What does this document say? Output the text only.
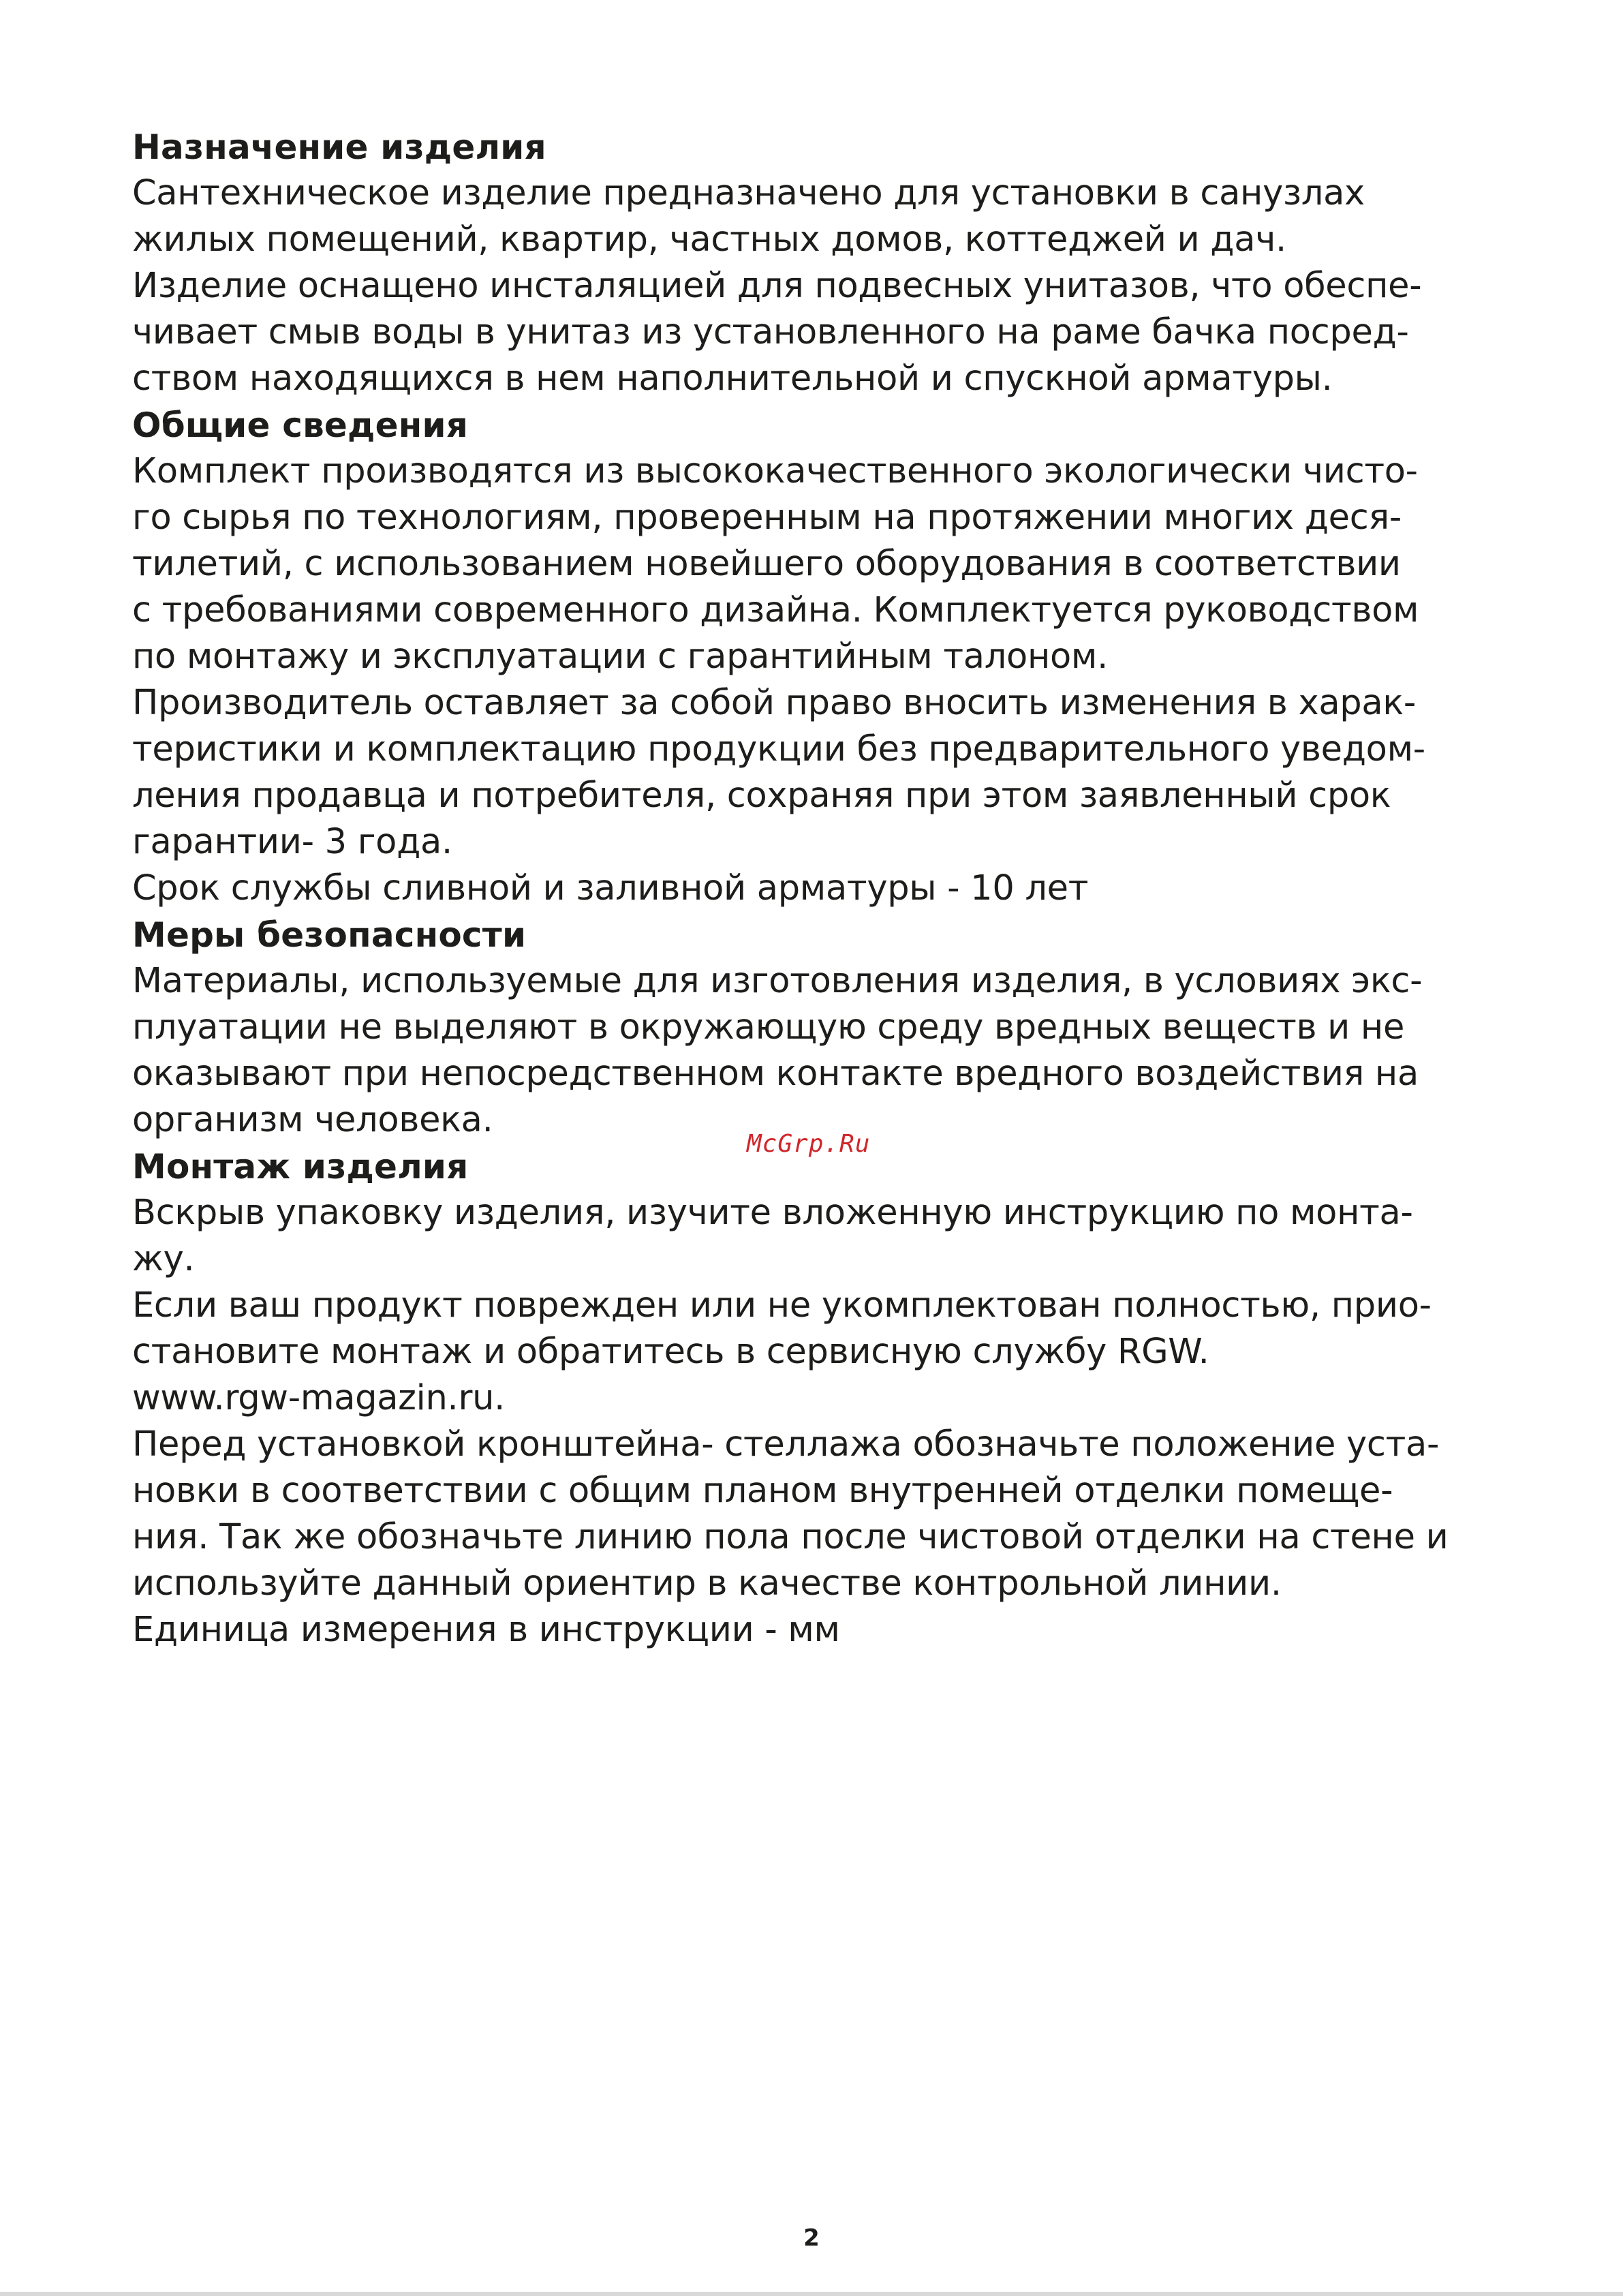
Назначение изделия

Сантехническое изделие предназначено для установки в санузлах

жилых помещений, квартир, частных домов, коттеджей и дач.

Изделие оснащено инсталяцией для подвесных унитазов, что обеспе-

чивает смыв воды в унитаз из установленного на раме бачка посред-

ством находящихся в нем наполнительной и спускной арматуры.

Общие сведения

Комплект производятся из высококачественного экологически чисто-

го сырья по технологиям, проверенным на протяжении многих деся-

тилетий, с использованием новейшего оборудования в соответствии

с требованиями современного дизайна. Комплектуется руководством

по монтажу и эксплуатации с гарантийным талоном.

Производитель оставляет за собой право вносить изменения в харак-

теристики и комплектацию продукции без предварительного уведом-

ления продавца и потребителя, сохраняя при этом заявленный срок

гарантии- 3 года.

Срок службы сливной и заливной арматуры - 10 лет

Меры безопасности

Материалы, используемые для изготовления изделия, в условиях экс-

плуатации не выделяют в окружающую среду вредных веществ и не

оказывают при непосредственном контакте вредного воздействия на

организм человека.

Монтаж изделия

Вскрыв упаковку изделия, изучите вложенную инструкцию по монта-

жу.

Если ваш продукт поврежден или не укомплектован полностью, прио-

становите монтаж и обратитесь в сервисную службу RGW.

www.rgw-magazin.ru.

Перед установкой кронштейна- стеллажа обозначьте положение уста-

новки в соответствии с общим планом внутренней отделки помеще-

ния. Так же обозначьте линию пола после чистовой отделки на стене и

используйте данный ориентир в качестве контрольной линии.

Единица измерения в инструкции - мм

McGrp.Ru
2
